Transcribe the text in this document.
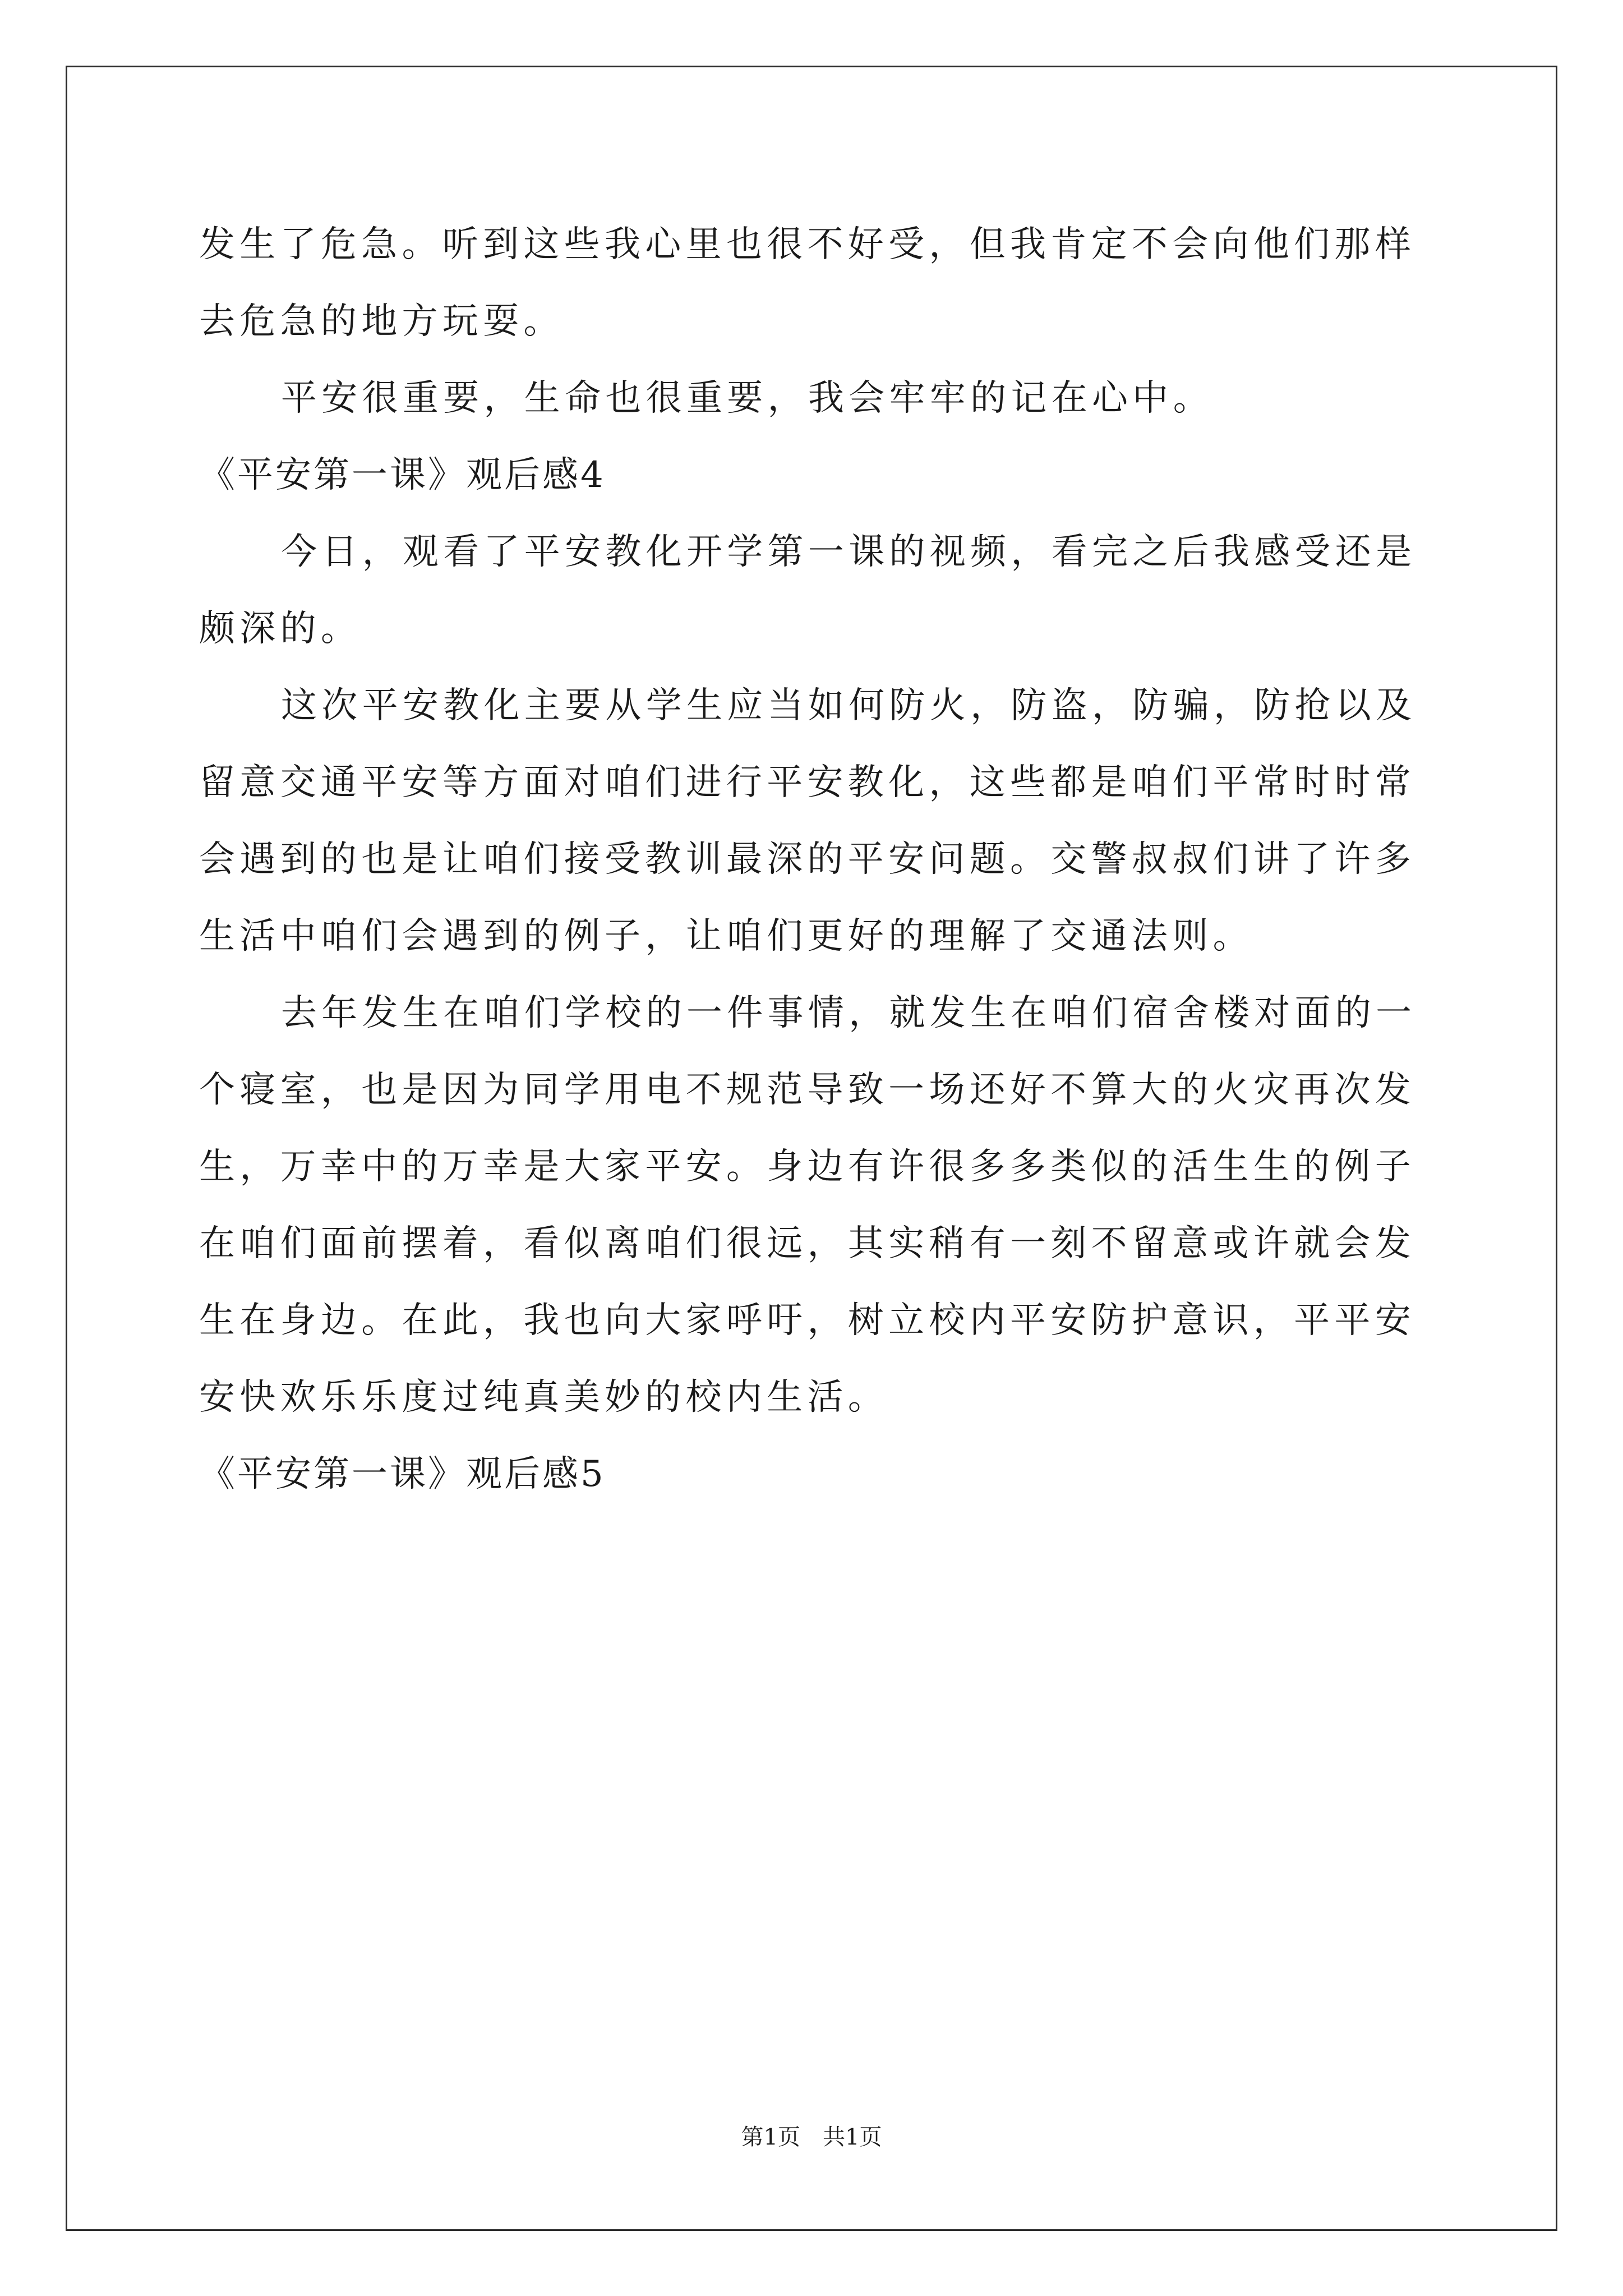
发生了危急。听到这些我心里也很不好受，但我肯定不会向他们那样
去危急的地方玩耍。
平安很重要，生命也很重要，我会牢牢的记在心中。
《平安第一课》观后感4
今日，观看了平安教化开学第一课的视频，看完之后我感受还是
颇深的。
这次平安教化主要从学生应当如何防火，防盗，防骗，防抢以及
留意交通平安等方面对咱们进行平安教化，这些都是咱们平常时时常
会遇到的也是让咱们接受教训最深的平安问题。交警叔叔们讲了许多
生活中咱们会遇到的例子，让咱们更好的理解了交通法则。
去年发生在咱们学校的一件事情，就发生在咱们宿舍楼对面的一
个寝室，也是因为同学用电不规范导致一场还好不算大的火灾再次发
生，万幸中的万幸是大家平安。身边有许很多多类似的活生生的例子
在咱们面前摆着，看似离咱们很远，其实稍有一刻不留意或许就会发
生在身边。在此，我也向大家呼吁，树立校内平安防护意识，平平安
安快欢乐乐度过纯真美妙的校内生活。
《平安第一课》观后感5
第1页　共1页
